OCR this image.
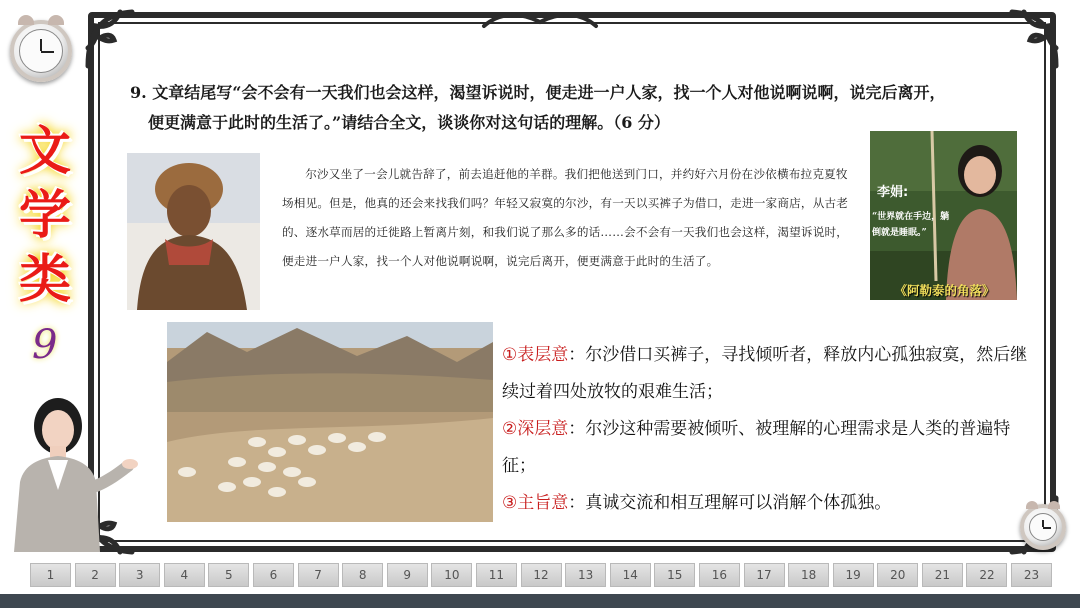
文
学
类
9
9. 文章结尾写“会不会有一天我们也会这样，渴望诉说时，便走进一户人家，找一个人对他说啊说啊，说完后离开，
便更满意于此时的生活了。”请结合全文，谈谈你对这句话的理解。（6 分）
尔沙又坐了一会儿就告辞了，前去追赶他的羊群。我们把他送到门口，并约好六月份在沙依横布拉克夏牧场相见。但是，他真的还会来找我们吗？年轻又寂寞的尔沙，有一天以买裤子为借口，走进一家商店，从古老的、逐水草而居的迁徙路上暂离片刻，和我们说了那么多的话……会不会有一天我们也会这样，渴望诉说时，便走进一户人家，找一个人对他说啊说啊，说完后离开，便更满意于此时的生活了。
李娟:
“世界就在手边，躺倒就是睡眠。”
《阿勒泰的角落》
①表层意：尔沙借口买裤子，寻找倾听者，释放内心孤独寂寞，然后继续过着四处放牧的艰难生活；
②深层意：尔沙这种需要被倾听、被理解的心理需求是人类的普遍特征；
③主旨意：真诚交流和相互理解可以消解个体孤独。
1	2	3	4	5	6	7	8	9	10	11	12	13	14	15	16	17	18	19	20	21	22	23
